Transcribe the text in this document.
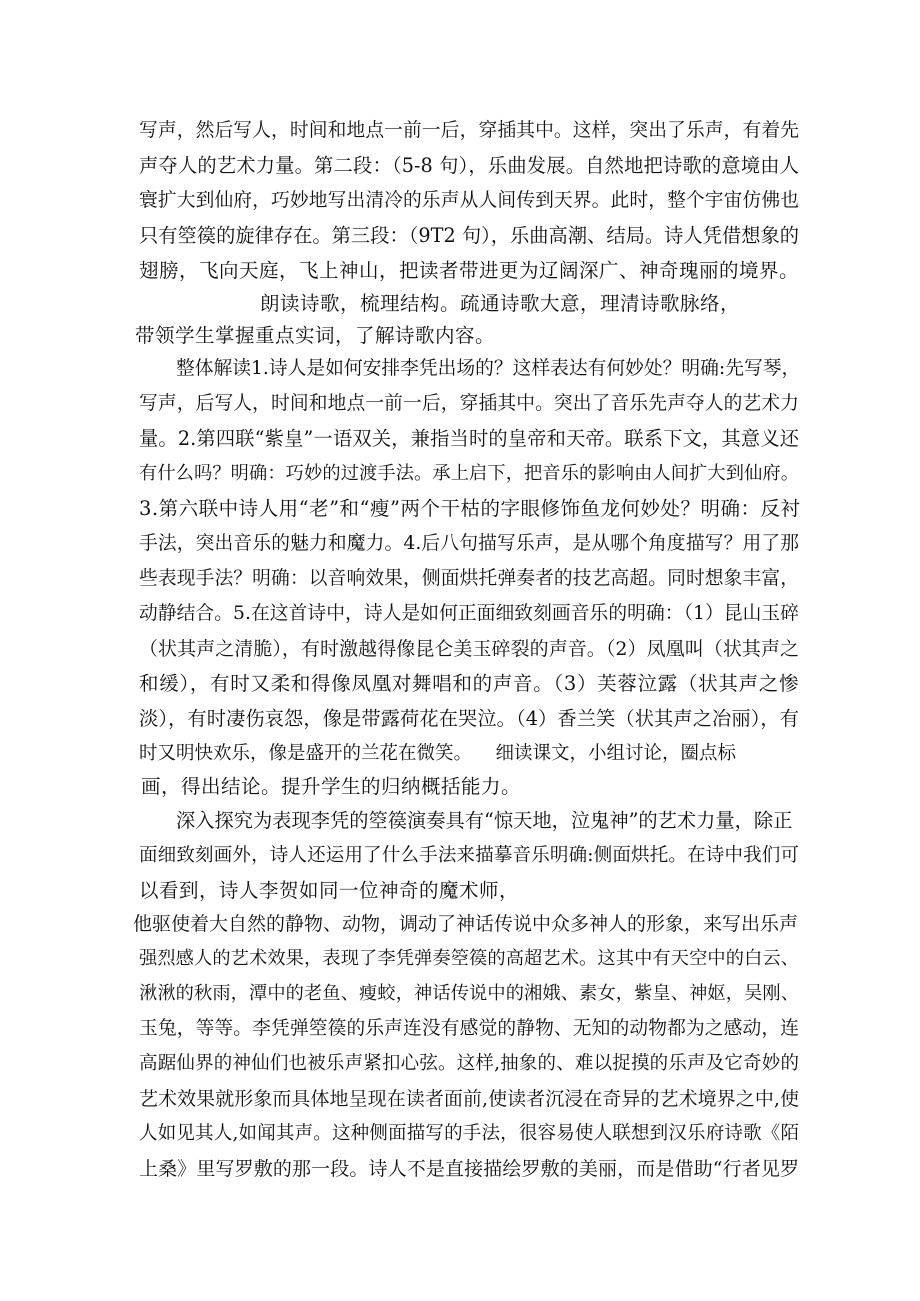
写声，然后写人，时间和地点一前一后，穿插其中。这样，突出了乐声，有着先
声夺人的艺术力量。第二段：（5-8 句），乐曲发展。自然地把诗歌的意境由人
寰扩大到仙府，巧妙地写出清冷的乐声从人间传到天界。此时，整个宇宙仿佛也
只有箜篌的旋律存在。第三段：（9T2 句），乐曲高潮、结局。诗人凭借想象的
翅膀，飞向天庭，飞上神山，把读者带进更为辽阔深广、神奇瑰丽的境界。
朗读诗歌，梳理结构。疏通诗歌大意，理清诗歌脉络，
带领学生掌握重点实词，了解诗歌内容。
整体解读1.诗人是如何安排李凭出场的？这样表达有何妙处？明确:先写琴，
写声，后写人，时间和地点一前一后，穿插其中。突出了音乐先声夺人的艺术力
量。2.第四联“紫皇”一语双关，兼指当时的皇帝和天帝。联系下文，其意义还
有什么吗？明确：巧妙的过渡手法。承上启下，把音乐的影响由人间扩大到仙府。
3.第六联中诗人用“老”和“瘦”两个干枯的字眼修饰鱼龙何妙处？明确：反衬
手法，突出音乐的魅力和魔力。4.后八句描写乐声，是从哪个角度描写？用了那
些表现手法？明确：以音响效果，侧面烘托弹奏者的技艺高超。同时想象丰富，
动静结合。5.在这首诗中，诗人是如何正面细致刻画音乐的明确：（1）昆山玉碎
（状其声之清脆），有时激越得像昆仑美玉碎裂的声音。（2）凤凰叫（状其声之
和缓），有时又柔和得像凤凰对舞唱和的声音。（3）芙蓉泣露（状其声之惨
淡），有时凄伤哀怨，像是带露荷花在哭泣。（4）香兰笑（状其声之冶丽），有
时又明快欢乐，像是盛开的兰花在微笑。    细读课文，小组讨论，圈点标
画，得出结论。提升学生的归纳概括能力。
深入探究为表现李凭的箜篌演奏具有“惊天地，泣鬼神”的艺术力量，除正
面细致刻画外，诗人还运用了什么手法来描摹音乐明确:侧面烘托。在诗中我们可
以看到，诗人李贺如同一位神奇的魔术师，
他驱使着大自然的静物、动物，调动了神话传说中众多神人的形象，来写出乐声
强烈感人的艺术效果，表现了李凭弹奏箜篌的高超艺术。这其中有天空中的白云、
湫湫的秋雨，潭中的老鱼、瘦蛟，神话传说中的湘娥、素女，紫皇、神妪，吴刚、
玉兔，等等。李凭弹箜篌的乐声连没有感觉的静物、无知的动物都为之感动，连
高踞仙界的神仙们也被乐声紧扣心弦。这样,抽象的、难以捉摸的乐声及它奇妙的
艺术效果就形象而具体地呈现在读者面前,使读者沉浸在奇异的艺术境界之中,使
人如见其人,如闻其声。这种侧面描写的手法，很容易使人联想到汉乐府诗歌《陌
上桑》里写罗敷的那一段。诗人不是直接描绘罗敷的美丽，而是借助“行者见罗
